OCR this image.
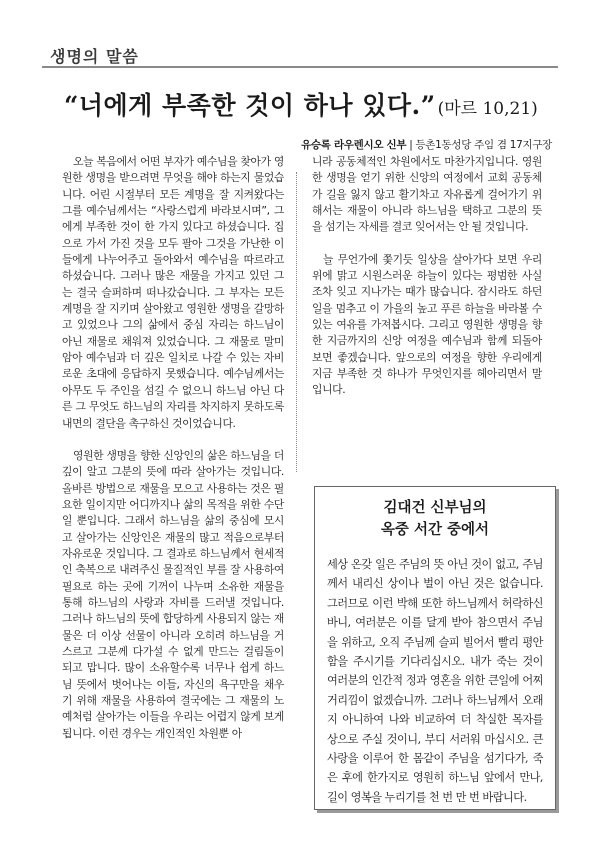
생명의 말씀
“너에게 부족한 것이 하나 있다.” (마르 10,21)
유승록 라우렌시오 신부 | 등촌1동성당 주임 겸 17지구장

오늘 복음에서 어떤 부자가 예수님을 찾아가 영원한 생명을 받으려면 무엇을 해야 하는지 물었습니다. 어린 시절부터 모든 계명을 잘 지켜왔다는 그를 예수님께서는 “사랑스럽게 바라보시며”, 그에게 부족한 것이 한 가지 있다고 하셨습니다. 집으로 가서 가진 것을 모두 팔아 그것을 가난한 이들에게 나누어주고 돌아와서 예수님을 따르라고 하셨습니다. 그러나 많은 재물을 가지고 있던 그는 결국 슬퍼하며 떠나갔습니다. 그 부자는 모든 계명을 잘 지키며 살아왔고 영원한 생명을 갈망하고 있었으나 그의 삶에서 중심 자리는 하느님이 아닌 재물로 채워져 있었습니다. 그 재물로 말미암아 예수님과 더 깊은 일치로 나갈 수 있는 자비로운 초대에 응답하지 못했습니다. 예수님께서는 아무도 두 주인을 섬길 수 없으니 하느님 아닌 다른 그 무엇도 하느님의 자리를 차지하지 못하도록 내면의 결단을 촉구하신 것이었습니다.

영원한 생명을 향한 신앙인의 삶은 하느님을 더 깊이 알고 그분의 뜻에 따라 살아가는 것입니다. 올바른 방법으로 재물을 모으고 사용하는 것은 필요한 일이지만 어디까지나 삶의 목적을 위한 수단일 뿐입니다. 그래서 하느님을 삶의 중심에 모시고 살아가는 신앙인은 재물의 많고 적음으로부터 자유로운 것입니다. 그 결과로 하느님께서 현세적인 축복으로 내려주신 물질적인 부를 잘 사용하여 필요로 하는 곳에 기꺼이 나누며 소유한 재물을 통해 하느님의 사랑과 자비를 드러낼 것입니다. 그러나 하느님의 뜻에 합당하게 사용되지 않는 재물은 더 이상 선물이 아니라 오히려 하느님을 거스르고 그분께 다가설 수 없게 만드는 걸림돌이 되고 맙니다. 많이 소유할수록 너무나 쉽게 하느님 뜻에서 벗어나는 이들, 자신의 욕구만을 채우기 위해 재물을 사용하여 결국에는 그 재물의 노예처럼 살아가는 이들을 우리는 어렵지 않게 보게 됩니다. 이런 경우는 개인적인 차원뿐 아

니라 공동체적인 차원에서도 마찬가지입니다. 영원한 생명을 얻기 위한 신앙의 여정에서 교회 공동체가 길을 잃지 않고 활기차고 자유롭게 걸어가기 위해서는 재물이 아니라 하느님을 택하고 그분의 뜻을 섬기는 자세를 결코 잊어서는 안 될 것입니다.

늘 무언가에 쫓기듯 일상을 살아가다 보면 우리 위에 맑고 시원스러운 하늘이 있다는 평범한 사실조차 잊고 지나가는 때가 많습니다. 잠시라도 하던 일을 멈추고 이 가을의 높고 푸른 하늘을 바라볼 수 있는 여유를 가져봅시다. 그리고 영원한 생명을 향한 지금까지의 신앙 여정을 예수님과 함께 되돌아보면 좋겠습니다. 앞으로의 여정을 향한 우리에게 지금 부족한 것 하나가 무엇인지를 헤아리면서 말입니다.

김대건 신부님의
옥중 서간 중에서
세상 온갖 일은 주님의 뜻 아닌 것이 없고, 주님께서 내리신 상이나 벌이 아닌 것은 없습니다. 그러므로 이런 박해 또한 하느님께서 허락하신 바니, 여러분은 이를 달게 받아 참으면서 주님을 위하고, 오직 주님께 슬피 빌어서 빨리 평안함을 주시기를 기다리십시오. 내가 죽는 것이 여러분의 인간적 정과 영혼을 위한 큰일에 어찌 거리낌이 없겠습니까. 그러나 하느님께서 오래지 아니하여 나와 비교하여 더 착실한 목자를 상으로 주실 것이니, 부디 서러워 마십시오. 큰 사랑을 이루어 한 몸같이 주님을 섬기다가, 죽은 후에 한가지로 영원히 하느님 앞에서 만나, 길이 영복을 누리기를 천 번 만 번 바랍니다.
